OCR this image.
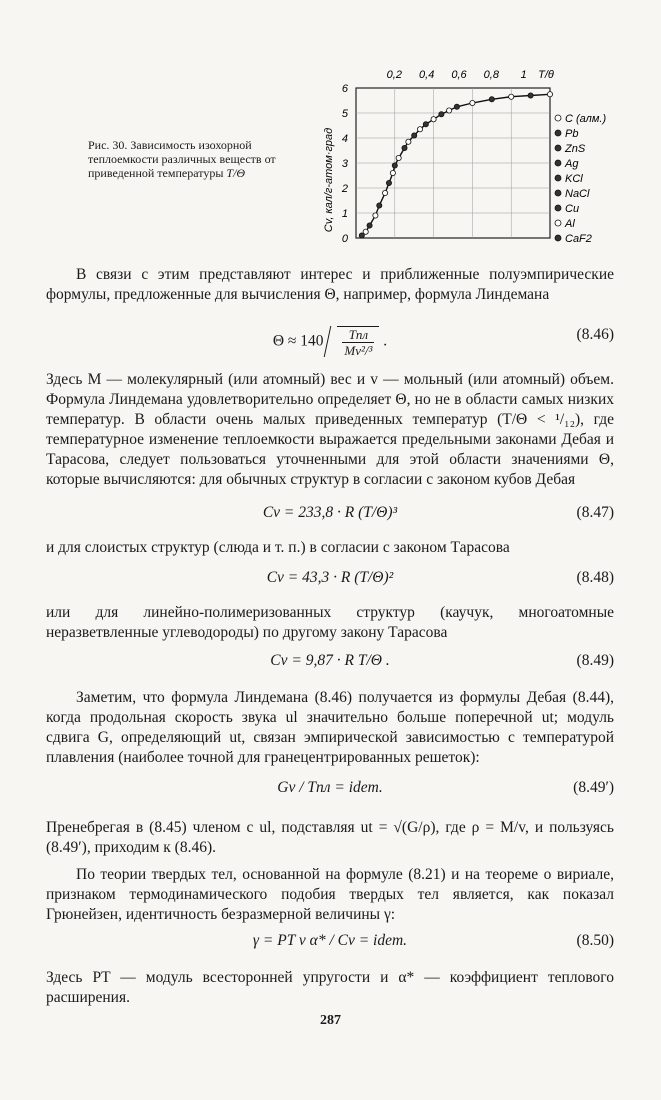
Рис. 30. Зависимость изохорной теплоемкости различных веществ от приведенной температуры T/Θ
0,2 0,4 0,6 0,8 1 T/θ
0
1
2
3
4
5
6
C (алм.)
Pb
ZnS
Ag
KCl
NaCl
Cu
Al
CaF2
Cv, кал/г-атом·град
В связи с этим представляют интерес и приближенные полуэмпирические формулы, предложенные для вычисления Θ, например, формула Линдемана
$\Theta \approx 140 \frac{\text{Tпл}}{\text{Mv²/³}}$ .	(8.46)
Здесь M — молекулярный (или атомный) вес и v — мольный (или атомный) объем. Формула Линдемана удовлетворительно определяет Θ, но не в области самых низких температур. В области очень малых приведенных температур (T/Θ < ¹/₁₂), где температурное изменение теплоемкости выражается предельными законами Дебая и Тарасова, следует пользоваться уточненными для этой области значениями Θ, которые вычисляются: для обычных структур в согласии с законом кубов Дебая
Cv = 233,8 · R (T/Θ)³	(8.47)
и для слоистых структур (слюда и т. п.) в согласии с законом Тарасова
Cv = 43,3 · R (T/Θ)²	(8.48)
или для линейно-полимеризованных структур (каучук, многоатомные неразветвленные углеводороды) по другому закону Тарасова
Cv = 9,87 · R T/Θ .	(8.49)
Заметим, что формула Линдемана (8.46) получается из формулы Дебая (8.44), когда продольная скорость звука ul значительно больше поперечной ut; модуль сдвига G, определяющий ut, связан эмпирической зависимостью с температурой плавления (наиболее точной для гранецентрированных решеток):
Gv / Tпл = idem.	(8.49′)
Пренебрегая в (8.45) членом с ul, подставляя ut = √(G/ρ), где ρ = M/v, и пользуясь (8.49′), приходим к (8.46).
По теории твердых тел, основанной на формуле (8.21) и на теореме о вириале, признаком термодинамического подобия твердых тел является, как показал Грюнейзен, идентичность безразмерной величины γ:
γ = PT v α* / Cv = idem.	(8.50)
Здесь PT — модуль всесторонней упругости и α* — коэффициент теплового расширения.
287
